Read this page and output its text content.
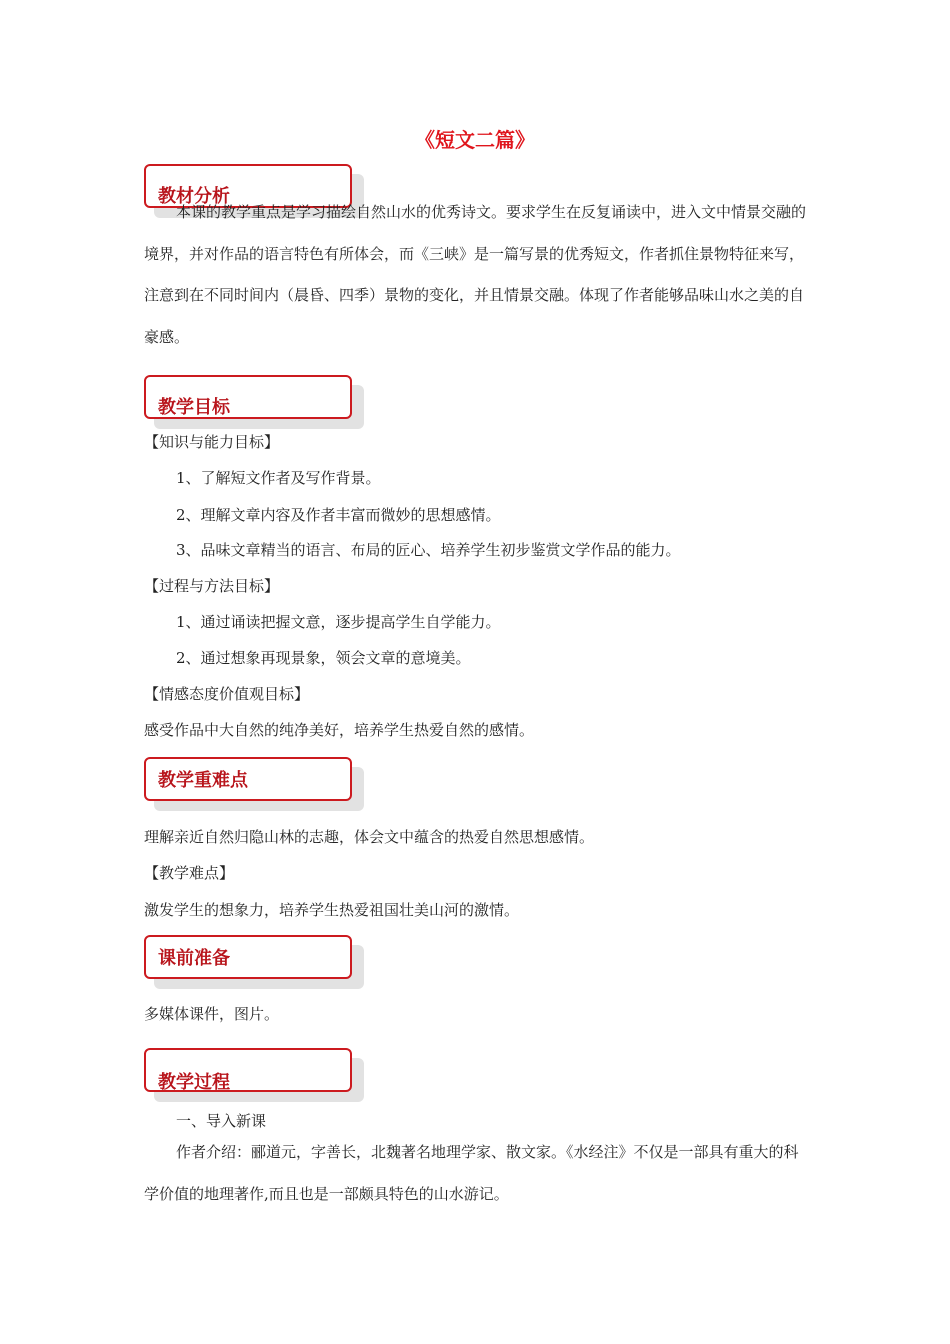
《短文二篇》
教材分析
本课的教学重点是学习描绘自然山水的优秀诗文。要求学生在反复诵读中，进入文中情景交融的境界，并对作品的语言特色有所体会，而《三峡》是一篇写景的优秀短文，作者抓住景物特征来写，注意到在不同时间内（晨昏、四季）景物的变化，并且情景交融。体现了作者能够品味山水之美的自豪感。
教学目标
【知识与能力目标】
1、了解短文作者及写作背景。
2、理解文章内容及作者丰富而微妙的思想感情。
3、品味文章精当的语言、布局的匠心、培养学生初步鉴赏文学作品的能力。
【过程与方法目标】
1、通过诵读把握文意，逐步提高学生自学能力。
2、通过想象再现景象，领会文章的意境美。
【情感态度价值观目标】
感受作品中大自然的纯净美好，培养学生热爱自然的感情。
教学重难点
理解亲近自然归隐山林的志趣，体会文中蕴含的热爱自然思想感情。
【教学难点】
激发学生的想象力，培养学生热爱祖国壮美山河的激情。
课前准备
多媒体课件，图片。
教学过程
一、导入新课
作者介绍：郦道元，字善长，北魏著名地理学家、散文家。《水经注》不仅是一部具有重大的科学价值的地理著作,而且也是一部颇具特色的山水游记。
